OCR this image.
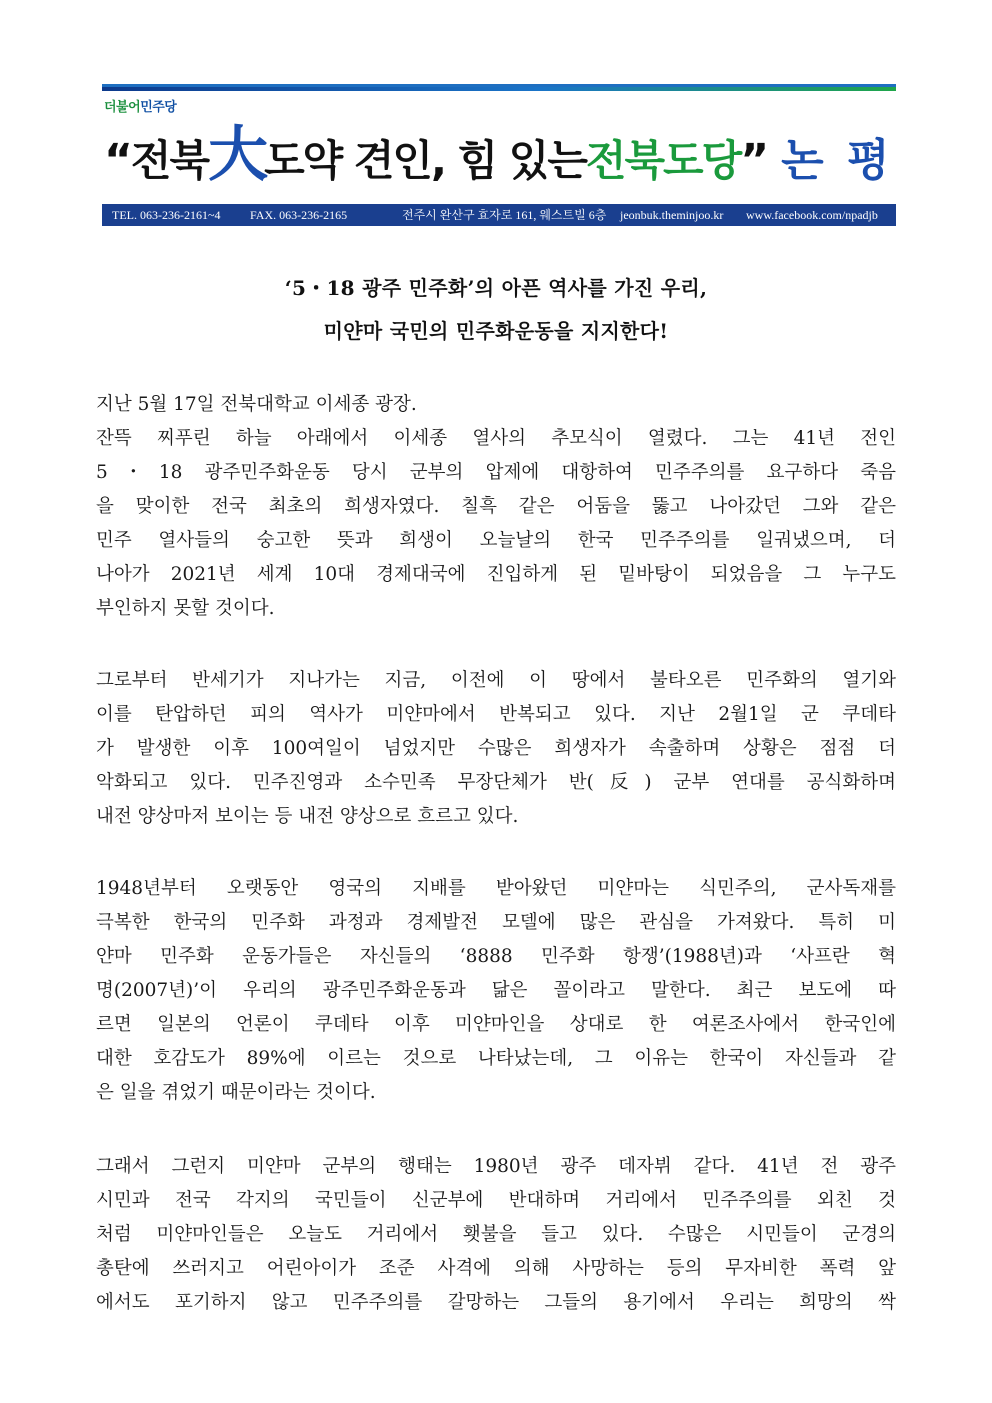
더불어민주당
“전북大도약 견인, 힘 있는전북도당” 논 평
TEL. 063-236-2161~4 FAX. 063-236-2165	전주시 완산구 효자로 161, 웨스트빌 6층 jeonbuk.theminjoo.kr www.facebook.com/npadjb
‘5・18 광주 민주화’의 아픈 역사를 가진 우리,
미얀마 국민의 민주화운동을 지지한다!
지난 5월 17일 전북대학교 이세종 광장.
잔뜩 찌푸린 하늘 아래에서 이세종 열사의 추모식이 열렸다. 그는 41년 전인
5・18 광주민주화운동 당시 군부의 압제에 대항하여 민주주의를 요구하다 죽음
을 맞이한 전국 최초의 희생자였다. 칠흑 같은 어둠을 뚫고 나아갔던 그와 같은
민주 열사들의 숭고한 뜻과 희생이 오늘날의 한국 민주주의를 일궈냈으며, 더
나아가 2021년 세계 10대 경제대국에 진입하게 된 밑바탕이 되었음을 그 누구도
부인하지 못할 것이다.
그로부터 반세기가 지나가는 지금, 이전에 이 땅에서 불타오른 민주화의 열기와
이를 탄압하던 피의 역사가 미얀마에서 반복되고 있다. 지난 2월1일 군 쿠데타
가 발생한 이후 100여일이 넘었지만 수많은 희생자가 속출하며 상황은 점점 더
악화되고 있다. 민주진영과 소수민족 무장단체가 반(反) 군부 연대를 공식화하며
내전 양상마저 보이는 등 내전 양상으로 흐르고 있다.
1948년부터 오랫동안 영국의 지배를 받아왔던 미얀마는 식민주의, 군사독재를
극복한 한국의 민주화 과정과 경제발전 모델에 많은 관심을 가져왔다. 특히 미
얀마 민주화 운동가들은 자신들의 ‘8888 민주화 항쟁’(1988년)과 ‘사프란 혁
명(2007년)’이 우리의 광주민주화운동과 닮은 꼴이라고 말한다. 최근 보도에 따
르면 일본의 언론이 쿠데타 이후 미얀마인을 상대로 한 여론조사에서 한국인에
대한 호감도가 89%에 이르는 것으로 나타났는데, 그 이유는 한국이 자신들과 같
은 일을 겪었기 때문이라는 것이다.
그래서 그런지 미얀마 군부의 행태는 1980년 광주 데자뷔 같다. 41년 전 광주
시민과 전국 각지의 국민들이 신군부에 반대하며 거리에서 민주주의를 외친 것
처럼 미얀마인들은 오늘도 거리에서 횃불을 들고 있다. 수많은 시민들이 군경의
총탄에 쓰러지고 어린아이가 조준 사격에 의해 사망하는 등의 무자비한 폭력 앞
에서도 포기하지 않고 민주주의를 갈망하는 그들의 용기에서 우리는 희망의 싹
